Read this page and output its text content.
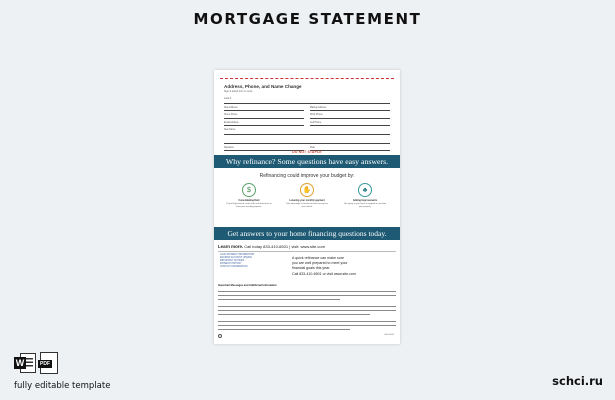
MORTGAGE STATEMENT
Address, Phone, and Name Change
Sign & attach form to remit
Loan #
New Address	Mailing Address
Home Phone	Work Phone
Email Address	Cell Phone
New Name
Signature	Date
DO NOT STAPLE
Why refinance? Some questions have easy answers.
Refinancing could improve your budget by:
$
Consolidating Debt
Pay off high-interest credit cards and other loans to lower your monthly payment.
✋
Lowering your monthly payment
Take advantage of current low rates to pay less each month.
♣
Adding Improvements
Use equity in your home to upgrade or renovate your property.
Get answers to your home financing questions today.
Learn more. Call today 833-410-6501 | visit: www.site.com
LOAN PAYMENT INFORMATION
ESCROW ACCOUNT UPDATE
IMPORTANT NOTICES
PAYMENT HISTORY
CONTACT INFORMATION
A quick refinance can make sure
you are well prepared to meet your
financial goals this year.
Call 833-410-6501 or visit www.site.com
Important Messages and Additional Information
9000-0000
W	PDF
fully editable template	schci.ru
